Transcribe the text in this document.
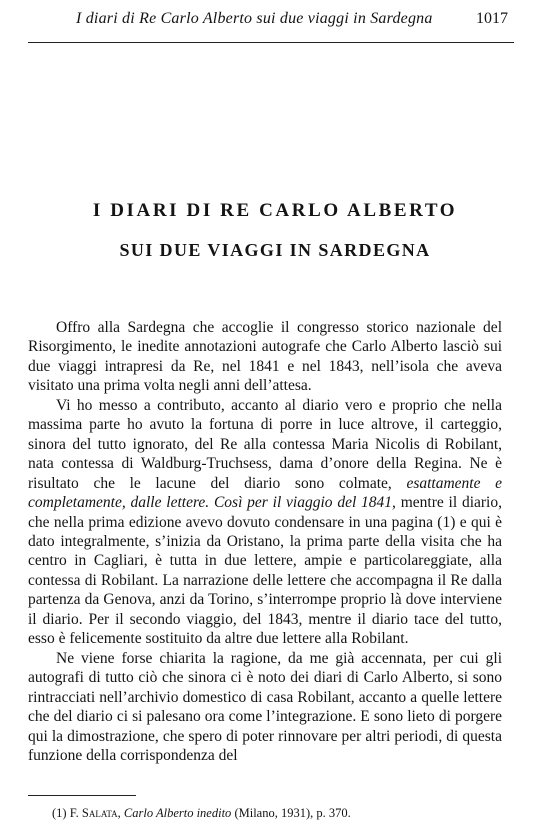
I diari di Re Carlo Alberto sui due viaggi in Sardegna	1017
I DIARI DI RE CARLO ALBERTO
SUI DUE VIAGGI IN SARDEGNA

Offro alla Sardegna che accoglie il congresso storico nazionale del Risorgimento, le inedite annotazioni autografe che Carlo Alberto lasciò sui due viaggi intrapresi da Re, nel 1841 e nel 1843, nell’isola che aveva visitato una prima volta negli anni dell’attesa.

Vi ho messo a contributo, accanto al diario vero e proprio che nella massima parte ho avuto la fortuna di porre in luce altrove, il carteggio, sinora del tutto ignorato, del Re alla contessa Maria Nicolis di Robilant, nata contessa di Waldburg-Truchsess, dama d’onore della Regina. Ne è risultato che le lacune del diario sono colmate, esattamente e completamente, dalle lettere. Così per il viaggio del 1841, mentre il diario, che nella prima edizione avevo dovuto condensare in una pagina (1) e qui è dato integralmente, s’inizia da Oristano, la prima parte della visita che ha centro in Cagliari, è tutta in due lettere, ampie e particolareggiate, alla contessa di Robilant. La narrazione delle lettere che accompagna il Re dalla partenza da Genova, anzi da Torino, s’interrompe proprio là dove interviene il diario. Per il secondo viaggio, del 1843, mentre il diario tace del tutto, esso è felicemente sostituito da altre due lettere alla Robilant.

Ne viene forse chiarita la ragione, da me già accennata, per cui gli autografi di tutto ciò che sinora ci è noto dei diari di Carlo Alberto, si sono rintracciati nell’archivio domestico di casa Robilant, accanto a quelle lettere che del diario ci si palesano ora come l’integrazione. E sono lieto di porgere qui la dimostrazione, che spero di poter rinnovare per altri periodi, di questa funzione della corrispondenza del

(1) F. Salata, Carlo Alberto inedito (Milano, 1931), p. 370.
